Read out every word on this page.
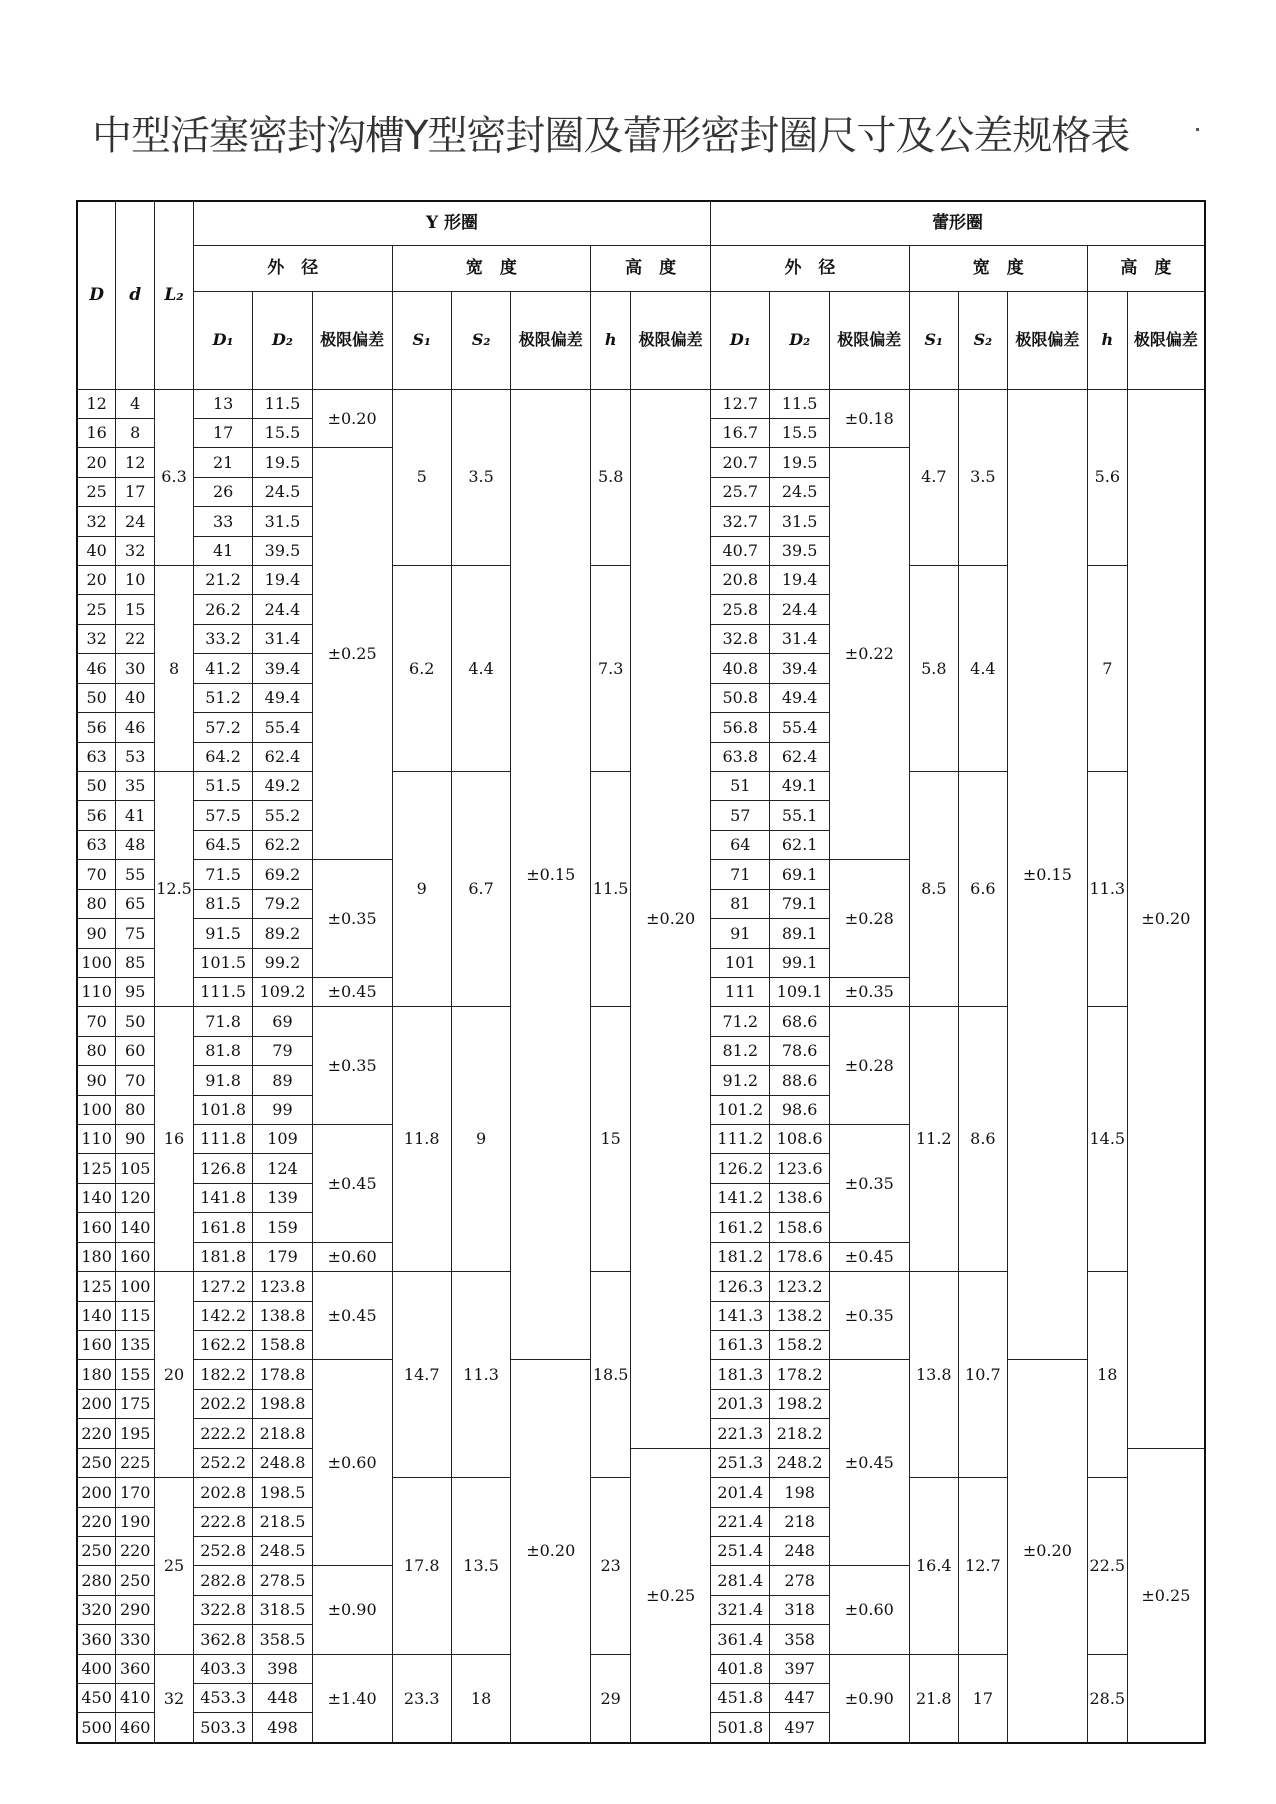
中型活塞密封沟槽Y型密封圈及蕾形密封圈尺寸及公差规格表
D	d	L₂	Y 形圈								蕾形圈							
			外　径			宽　度			高　度		外　径			宽　度			高　度	
			D₁	D₂	极限偏差	S₁	S₂	极限偏差	h	极限偏差	D₁	D₂	极限偏差	S₁	S₂	极限偏差	h	极限偏差
12	4	6.3	13	11.5	±0.20	5	3.5	±0.15	5.8	±0.20	12.7	11.5	±0.18	4.7	3.5	±0.15	5.6	±0.20
16	8		17	15.5							16.7	15.5						
20	12		21	19.5	±0.25						20.7	19.5	±0.22					
25	17		26	24.5							25.7	24.5						
32	24		33	31.5							32.7	31.5						
40	32		41	39.5							40.7	39.5						
20	10	8	21.2	19.4		6.2	4.4		7.3		20.8	19.4		5.8	4.4		7	
25	15		26.2	24.4							25.8	24.4						
32	22		33.2	31.4							32.8	31.4						
46	30		41.2	39.4							40.8	39.4						
50	40		51.2	49.4							50.8	49.4						
56	46		57.2	55.4							56.8	55.4						
63	53		64.2	62.4							63.8	62.4						
50	35	12.5	51.5	49.2		9	6.7		11.5		51	49.1		8.5	6.6		11.3	
56	41		57.5	55.2							57	55.1						
63	48		64.5	62.2							64	62.1						
70	55		71.5	69.2	±0.35						71	69.1	±0.28					
80	65		81.5	79.2							81	79.1						
90	75		91.5	89.2							91	89.1						
100	85		101.5	99.2							101	99.1						
110	95		111.5	109.2	±0.45						111	109.1	±0.35					
70	50	16	71.8	69	±0.35	11.8	9		15		71.2	68.6	±0.28	11.2	8.6		14.5	
80	60		81.8	79							81.2	78.6						
90	70		91.8	89							91.2	88.6						
100	80		101.8	99							101.2	98.6						
110	90		111.8	109	±0.45						111.2	108.6	±0.35					
125	105		126.8	124							126.2	123.6						
140	120		141.8	139							141.2	138.6						
160	140		161.8	159							161.2	158.6						
180	160		181.8	179	±0.60						181.2	178.6	±0.45					
125	100	20	127.2	123.8	±0.45	14.7	11.3		18.5		126.3	123.2	±0.35	13.8	10.7		18	
140	115		142.2	138.8							141.3	138.2						
160	135		162.2	158.8							161.3	158.2						
180	155		182.2	178.8	±0.60			±0.20			181.3	178.2	±0.45			±0.20		
200	175		202.2	198.8							201.3	198.2						
220	195		222.2	218.8							221.3	218.2						
250	225		252.2	248.8						±0.25	251.3	248.2						±0.25
200	170	25	202.8	198.5		17.8	13.5		23		201.4	198		16.4	12.7		22.5	
220	190		222.8	218.5							221.4	218						
250	220		252.8	248.5							251.4	248						
280	250		282.8	278.5	±0.90						281.4	278	±0.60					
320	290		322.8	318.5							321.4	318						
360	330		362.8	358.5							361.4	358						
400	360	32	403.3	398	±1.40	23.3	18		29		401.8	397	±0.90	21.8	17		28.5	
450	410		453.3	448							451.8	447						
500	460		503.3	498							501.8	497						
